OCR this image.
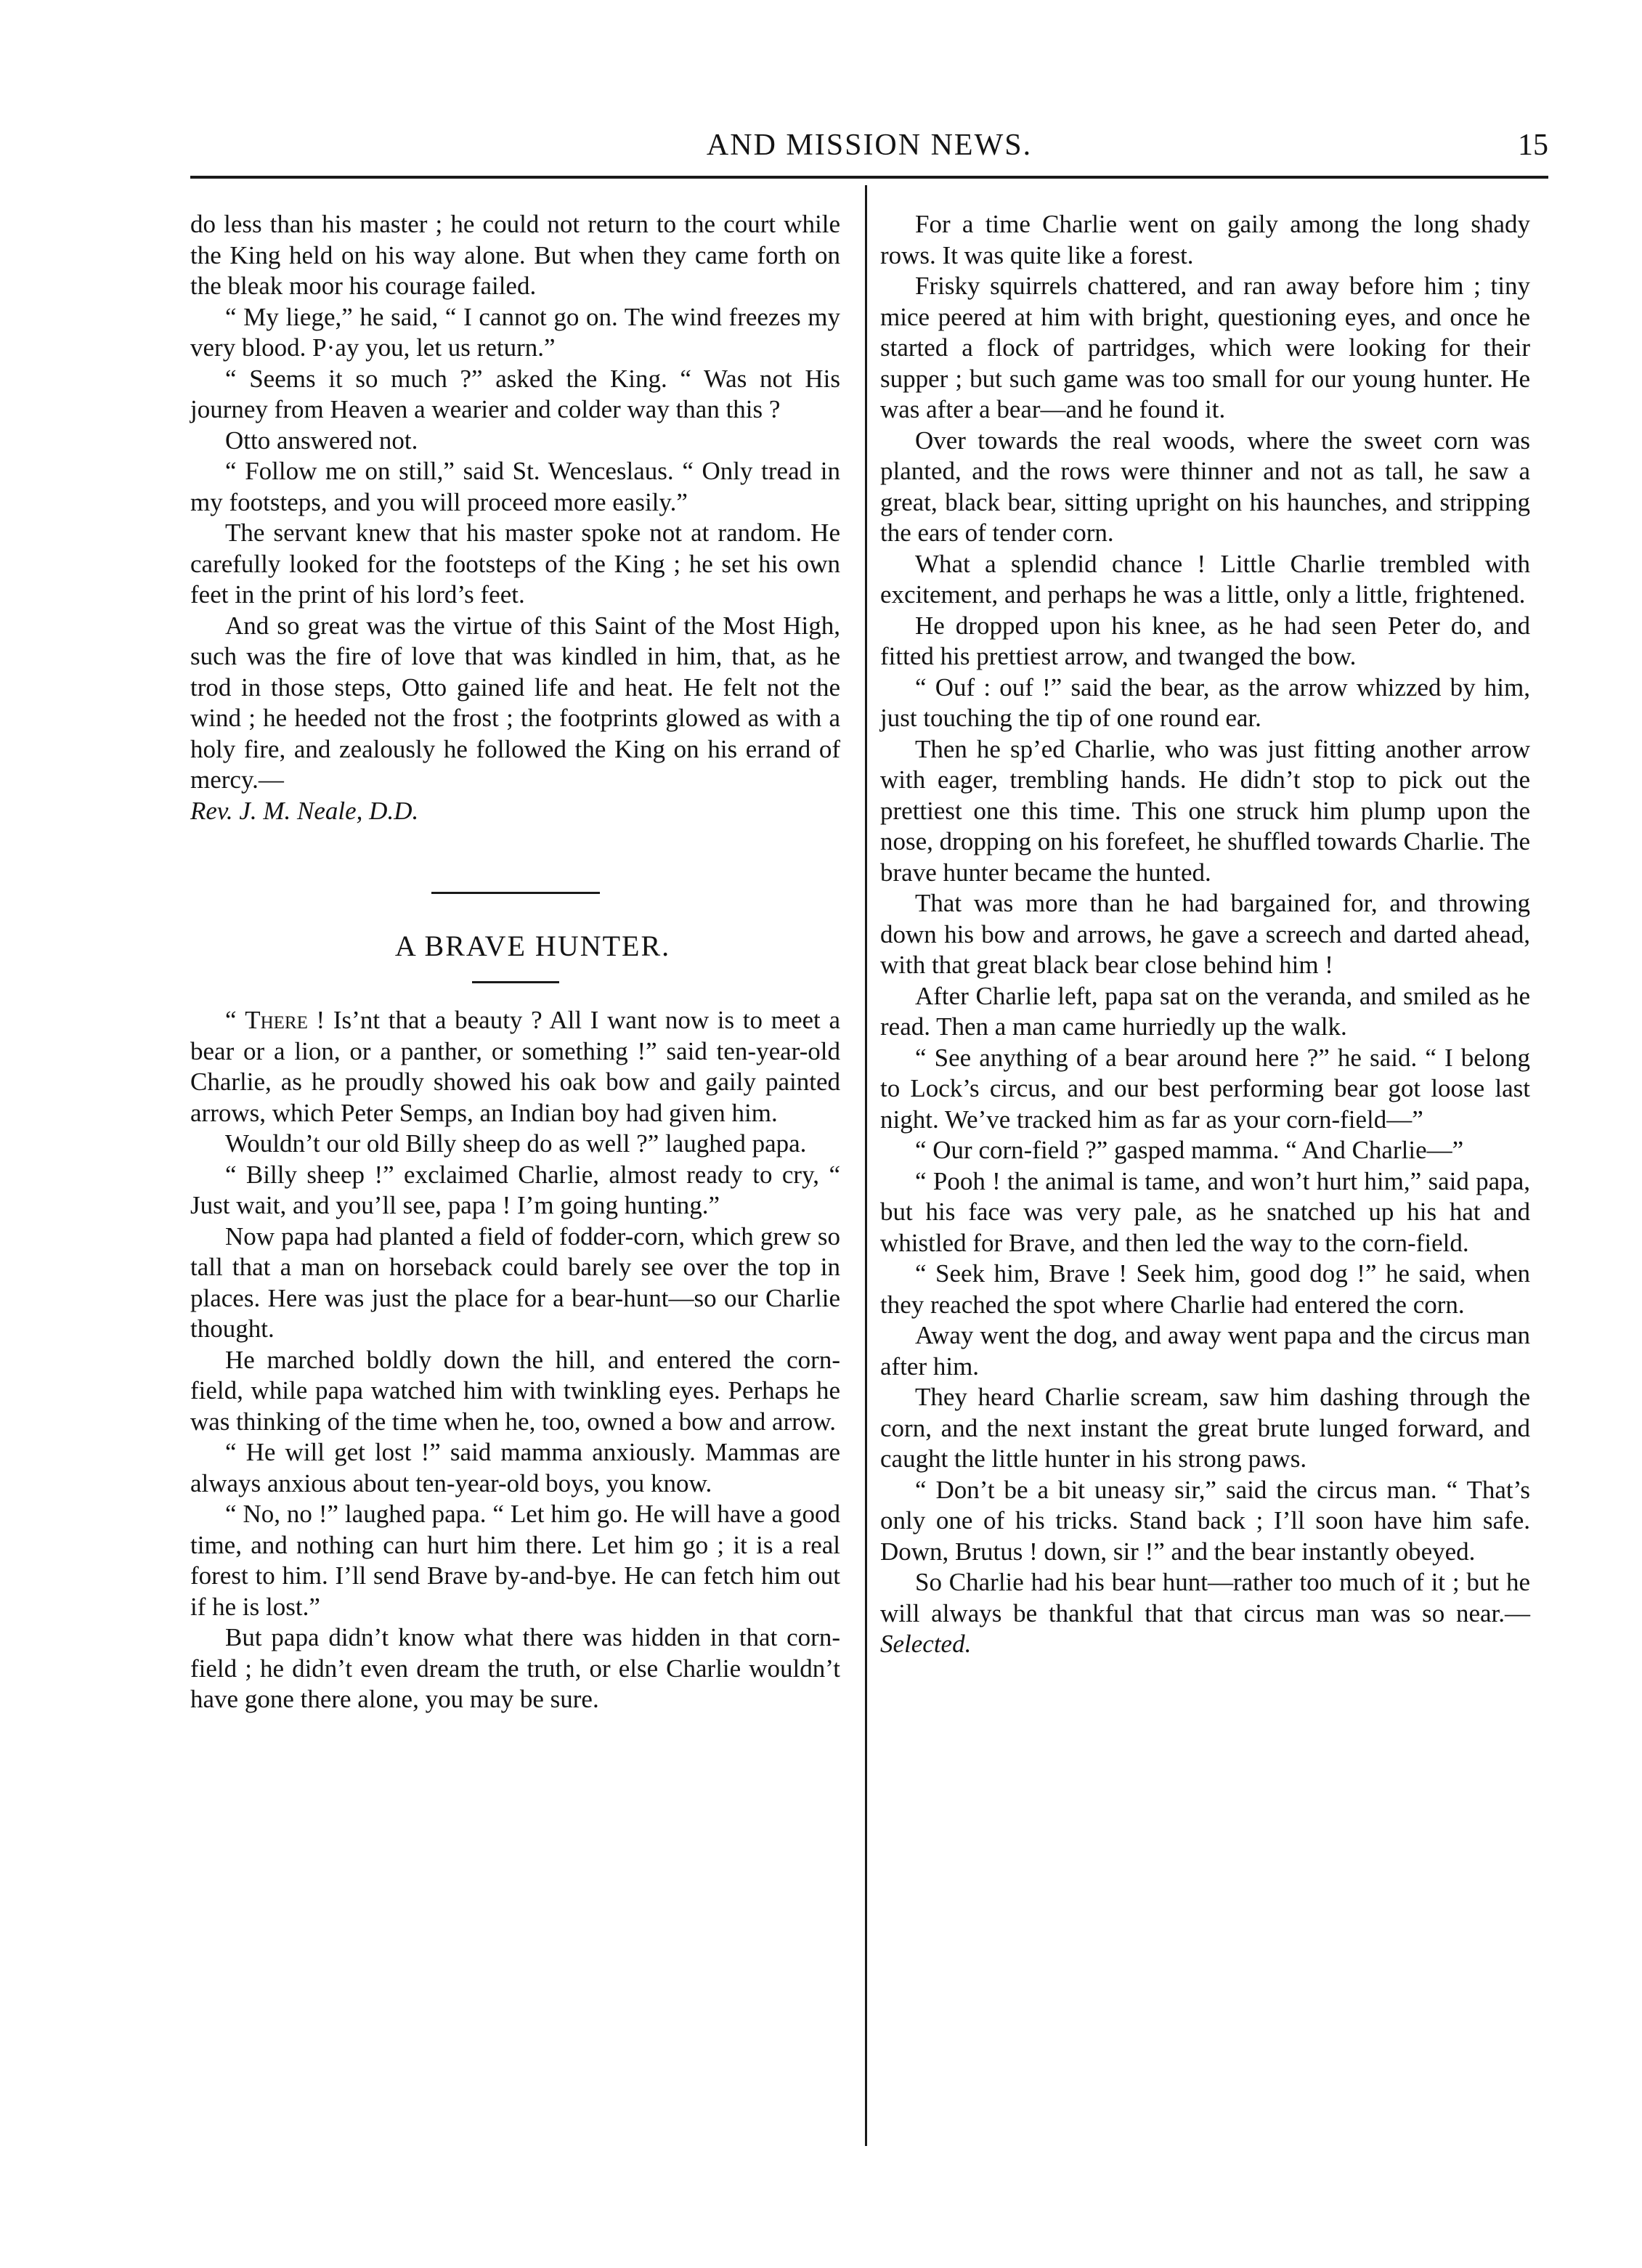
AND MISSION NEWS.	15

do less than his master ; he could not return to the court while the King held on his way alone. But when they came forth on the bleak moor his courage failed.

“ My liege,” he said, “ I cannot go on. The wind freezes my very blood. P·ay you, let us return.”

“ Seems it so much ?” asked the King. “ Was not His journey from Heaven a wearier and colder way than this ?

Otto answered not.

“ Follow me on still,” said St. Wenceslaus. “ Only tread in my footsteps, and you will proceed more easily.”

The servant knew that his master spoke not at random. He carefully looked for the footsteps of the King ; he set his own feet in the print of his lord’s feet.

And so great was the virtue of this Saint of the Most High, such was the fire of love that was kindled in him, that, as he trod in those steps, Otto gained life and heat. He felt not the wind ; he heeded not the frost ; the footprints glowed as with a holy fire, and zealously he followed the King on his errand of mercy.—
Rev. J. M. Neale, D.D.

A BRAVE HUNTER.

“ There ! Is’nt that a beauty ? All I want now is to meet a bear or a lion, or a panther, or something !” said ten-year-old Charlie, as he proudly showed his oak bow and gaily painted arrows, which Peter Semps, an Indian boy had given him.

Wouldn’t our old Billy sheep do as well ?” laughed papa.

“ Billy sheep !” exclaimed Charlie, almost ready to cry, “ Just wait, and you’ll see, papa ! I’m going hunting.”

Now papa had planted a field of fodder-corn, which grew so tall that a man on horseback could barely see over the top in places. Here was just the place for a bear-hunt—so our Charlie thought.

He marched boldly down the hill, and entered the corn-field, while papa watched him with twinkling eyes. Perhaps he was thinking of the time when he, too, owned a bow and arrow.

“ He will get lost !” said mamma anxiously. Mammas are always anxious about ten-year-old boys, you know.

“ No, no !” laughed papa. “ Let him go. He will have a good time, and nothing can hurt him there. Let him go ; it is a real forest to him. I’ll send Brave by-and-bye. He can fetch him out if he is lost.”

But papa didn’t know what there was hidden in that corn-field ; he didn’t even dream the truth, or else Charlie wouldn’t have gone there alone, you may be sure.

For a time Charlie went on gaily among the long shady rows. It was quite like a forest.

Frisky squirrels chattered, and ran away before him ; tiny mice peered at him with bright, questioning eyes, and once he started a flock of partridges, which were looking for their supper ; but such game was too small for our young hunter. He was after a bear—and he found it.

Over towards the real woods, where the sweet corn was planted, and the rows were thinner and not as tall, he saw a great, black bear, sitting upright on his haunches, and stripping the ears of tender corn.

What a splendid chance ! Little Charlie trembled with excitement, and perhaps he was a little, only a little, frightened.

He dropped upon his knee, as he had seen Peter do, and fitted his prettiest arrow, and twanged the bow.

“ Ouf : ouf !” said the bear, as the arrow whizzed by him, just touching the tip of one round ear.

Then he sp’ed Charlie, who was just fitting another arrow with eager, trembling hands. He didn’t stop to pick out the prettiest one this time. This one struck him plump upon the nose, dropping on his forefeet, he shuffled towards Charlie. The brave hunter became the hunted.

That was more than he had bargained for, and throwing down his bow and arrows, he gave a screech and darted ahead, with that great black bear close behind him !

After Charlie left, papa sat on the veranda, and smiled as he read. Then a man came hurriedly up the walk.

“ See anything of a bear around here ?” he said. “ I belong to Lock’s circus, and our best performing bear got loose last night. We’ve tracked him as far as your corn-field—”

“ Our corn-field ?” gasped mamma. “ And Charlie—”

“ Pooh ! the animal is tame, and won’t hurt him,” said papa, but his face was very pale, as he snatched up his hat and whistled for Brave, and then led the way to the corn-field.

“ Seek him, Brave ! Seek him, good dog !” he said, when they reached the spot where Charlie had entered the corn.

Away went the dog, and away went papa and the circus man after him.

They heard Charlie scream, saw him dashing through the corn, and the next instant the great brute lunged forward, and caught the little hunter in his strong paws.

“ Don’t be a bit uneasy sir,” said the circus man. “ That’s only one of his tricks. Stand back ; I’ll soon have him safe. Down, Brutus ! down, sir !” and the bear instantly obeyed.

So Charlie had his bear hunt—rather too much of it ; but he will always be thankful that that circus man was so near.—Selected.
